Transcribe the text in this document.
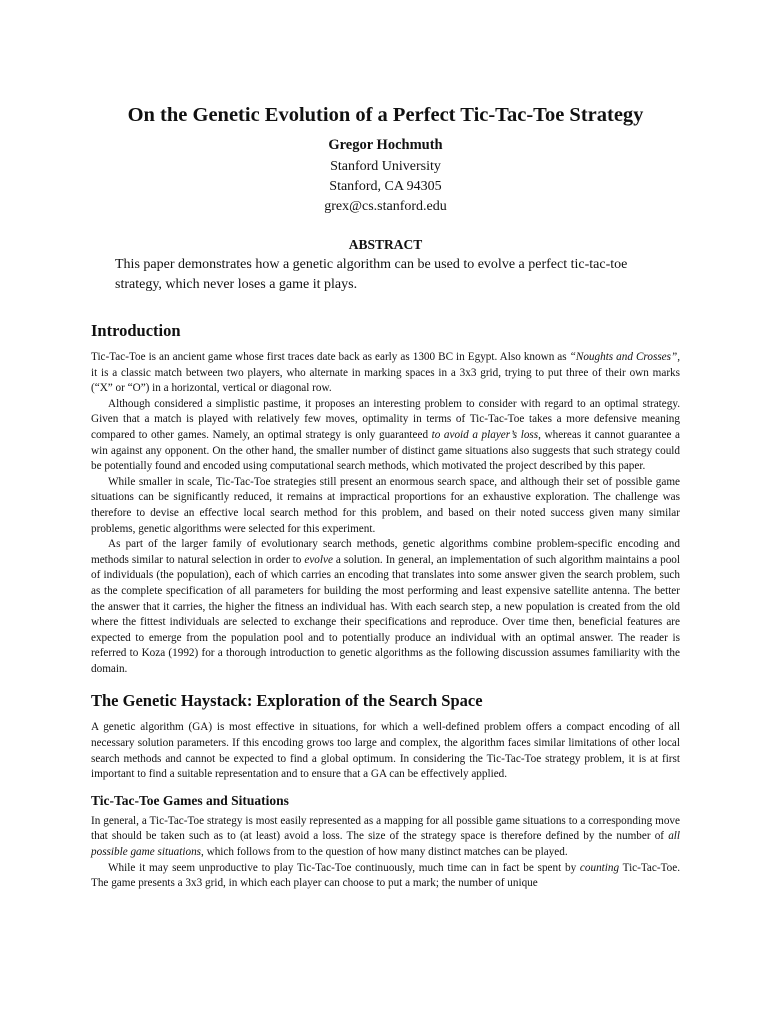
On the Genetic Evolution of a Perfect Tic-Tac-Toe Strategy
Gregor Hochmuth
Stanford University
Stanford, CA 94305
grex@cs.stanford.edu
ABSTRACT
This paper demonstrates how a genetic algorithm can be used to evolve a perfect tic-tac-toe strategy, which never loses a game it plays.
Introduction

Tic-Tac-Toe is an ancient game whose first traces date back as early as 1300 BC in Egypt. Also known as “Noughts and Crosses”, it is a classic match between two players, who alternate in marking spaces in a 3x3 grid, trying to put three of their own marks (“X” or “O”) in a horizontal, vertical or diagonal row.

Although considered a simplistic pastime, it proposes an interesting problem to consider with regard to an optimal strategy. Given that a match is played with relatively few moves, optimality in terms of Tic-Tac-Toe takes a more defensive meaning compared to other games. Namely, an optimal strategy is only guaranteed to avoid a player’s loss, whereas it cannot guarantee a win against any opponent. On the other hand, the smaller number of distinct game situations also suggests that such strategy could be potentially found and encoded using computational search methods, which motivated the project described by this paper.

While smaller in scale, Tic-Tac-Toe strategies still present an enormous search space, and although their set of possible game situations can be significantly reduced, it remains at impractical proportions for an exhaustive exploration. The challenge was therefore to devise an effective local search method for this problem, and based on their noted success given many similar problems, genetic algorithms were selected for this experiment.

As part of the larger family of evolutionary search methods, genetic algorithms combine problem-specific encoding and methods similar to natural selection in order to evolve a solution. In general, an implementation of such algorithm maintains a pool of individuals (the population), each of which carries an encoding that translates into some answer given the search problem, such as the complete specification of all parameters for building the most performing and least expensive satellite antenna. The better the answer that it carries, the higher the fitness an individual has. With each search step, a new population is created from the old where the fittest individuals are selected to exchange their specifications and reproduce. Over time then, beneficial features are expected to emerge from the population pool and to potentially produce an individual with an optimal answer. The reader is referred to Koza (1992) for a thorough introduction to genetic algorithms as the following discussion assumes familiarity with the domain.

The Genetic Haystack: Exploration of the Search Space

A genetic algorithm (GA) is most effective in situations, for which a well-defined problem offers a compact encoding of all necessary solution parameters. If this encoding grows too large and complex, the algorithm faces similar limitations of other local search methods and cannot be expected to find a global optimum. In considering the Tic-Tac-Toe strategy problem, it is at first important to find a suitable representation and to ensure that a GA can be effectively applied.

Tic-Tac-Toe Games and Situations

In general, a Tic-Tac-Toe strategy is most easily represented as a mapping for all possible game situations to a corresponding move that should be taken such as to (at least) avoid a loss. The size of the strategy space is therefore defined by the number of all possible game situations, which follows from to the question of how many distinct matches can be played.

While it may seem unproductive to play Tic-Tac-Toe continuously, much time can in fact be spent by counting Tic-Tac-Toe. The game presents a 3x3 grid, in which each player can choose to put a mark; the number of unique
